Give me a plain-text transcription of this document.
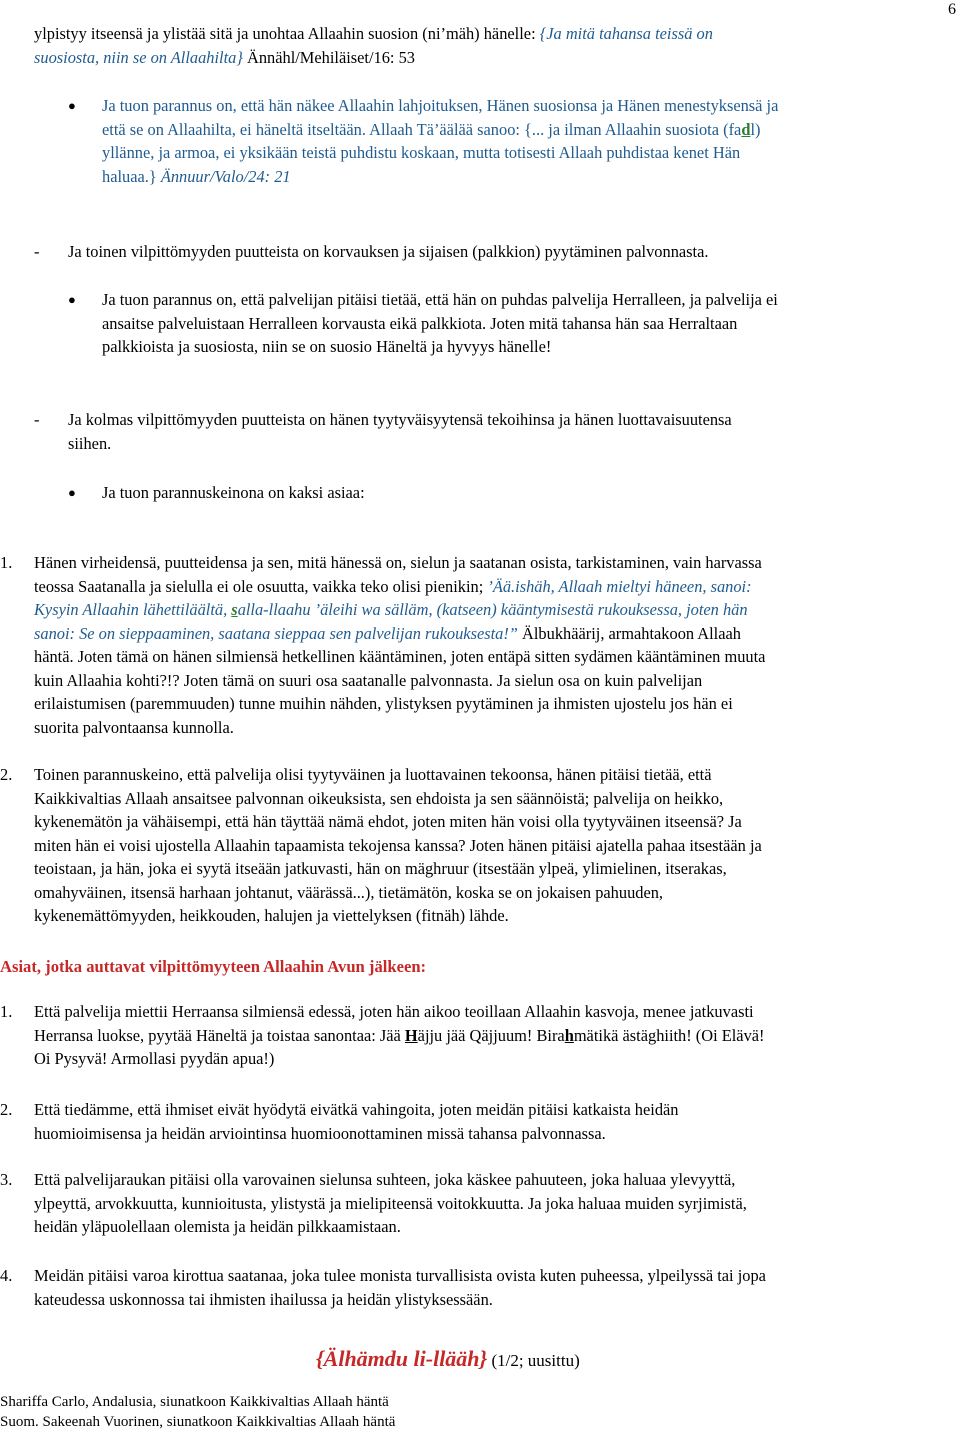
6
ylpistyy itseensä ja ylistää sitä ja unohtaa Allaahin suosion (ni’mäh) hänelle: {Ja mitä tahansa teissä on
suosiosta, niin se on Allaahilta} Ännähl/Mehiläiset/16: 53
● Ja tuon parannus on, että hän näkee Allaahin lahjoituksen, Hänen suosionsa ja Hänen menestyksensä ja
että se on Allaahilta, ei häneltä itseltään. Allaah Tä’äälää sanoo: {... ja ilman Allaahin suosiota (fadl)
yllänne, ja armoa, ei yksikään teistä puhdistu koskaan, mutta totisesti Allaah puhdistaa kenet Hän
haluaa.} Ännuur/Valo/24: 21
- Ja toinen vilpittömyyden puutteista on korvauksen ja sijaisen (palkkion) pyytäminen palvonnasta.
● Ja tuon parannus on, että palvelijan pitäisi tietää, että hän on puhdas palvelija Herralleen, ja palvelija ei
ansaitse palveluistaan Herralleen korvausta eikä palkkiota. Joten mitä tahansa hän saa Herraltaan
palkkioista ja suosiosta, niin se on suosio Häneltä ja hyvyys hänelle!
- Ja kolmas vilpittömyyden puutteista on hänen tyytyväisyytensä tekoihinsa ja hänen luottavaisuutensa
siihen.
● Ja tuon parannuskeinona on kaksi asiaa:
1. Hänen virheidensä, puutteidensa ja sen, mitä hänessä on, sielun ja saatanan osista, tarkistaminen, vain harvassa
teossa Saatanalla ja sielulla ei ole osuutta, vaikka teko olisi pienikin; ’Ää.ishäh, Allaah mieltyi häneen, sanoi:
Kysyin Allaahin lähettiläältä, salla-llaahu ’äleihi wa sälläm, (katseen) kääntymisestä rukouksessa, joten hän
sanoi: Se on sieppaaminen, saatana sieppaa sen palvelijan rukouksesta!” Älbukhäärij, armahtakoon Allaah
häntä. Joten tämä on hänen silmiensä hetkellinen kääntäminen, joten entäpä sitten sydämen kääntäminen muuta
kuin Allaahia kohti?!? Joten tämä on suuri osa saatanalle palvonnasta. Ja sielun osa on kuin palvelijan
erilaistumisen (paremmuuden) tunne muihin nähden, ylistyksen pyytäminen ja ihmisten ujostelu jos hän ei
suorita palvontaansa kunnolla.
2. Toinen parannuskeino, että palvelija olisi tyytyväinen ja luottavainen tekoonsa, hänen pitäisi tietää, että
Kaikkivaltias Allaah ansaitsee palvonnan oikeuksista, sen ehdoista ja sen säännöistä; palvelija on heikko,
kykenemätön ja vähäisempi, että hän täyttää nämä ehdot, joten miten hän voisi olla tyytyväinen itseensä? Ja
miten hän ei voisi ujostella Allaahin tapaamista tekojensa kanssa? Joten hänen pitäisi ajatella pahaa itsestään ja
teoistaan, ja hän, joka ei syytä itseään jatkuvasti, hän on mäghruur (itsestään ylpeä, ylimielinen, itserakas,
omahyväinen, itsensä harhaan johtanut, väärässä...), tietämätön, koska se on jokaisen pahuuden,
kykenemättömyyden, heikkouden, halujen ja viettelyksen (fitnäh) lähde.
Asiat, jotka auttavat vilpittömyyteen Allaahin Avun jälkeen:
1. Että palvelija miettii Herraansa silmiensä edessä, joten hän aikoo teoillaan Allaahin kasvoja, menee jatkuvasti
Herransa luokse, pyytää Häneltä ja toistaa sanontaa: Jää Häjju jää Qäjjuum! Birahmätikä ästäghiith! (Oi Elävä!
Oi Pysyvä! Armollasi pyydän apua!)
2. Että tiedämme, että ihmiset eivät hyödytä eivätkä vahingoita, joten meidän pitäisi katkaista heidän
huomioimisensa ja heidän arviointinsa huomioonottaminen missä tahansa palvonnassa.
3. Että palvelijaraukan pitäisi olla varovainen sielunsa suhteen, joka käskee pahuuteen, joka haluaa ylevyyttä,
ylpeyttä, arvokkuutta, kunnioitusta, ylistystä ja mielipiteensä voitokkuutta. Ja joka haluaa muiden syrjimistä,
heidän yläpuolellaan olemista ja heidän pilkkaamistaan.
4. Meidän pitäisi varoa kirottua saatanaa, joka tulee monista turvallisista ovista kuten puheessa, ylpeilyssä tai jopa
kateudessa uskonnossa tai ihmisten ihailussa ja heidän ylistyksessään.
{Älhämdu li-llääh} (1/2; uusittu)
Shariffa Carlo, Andalusia, siunatkoon Kaikkivaltias Allaah häntä
Suom. Sakeenah Vuorinen, siunatkoon Kaikkivaltias Allaah häntä
